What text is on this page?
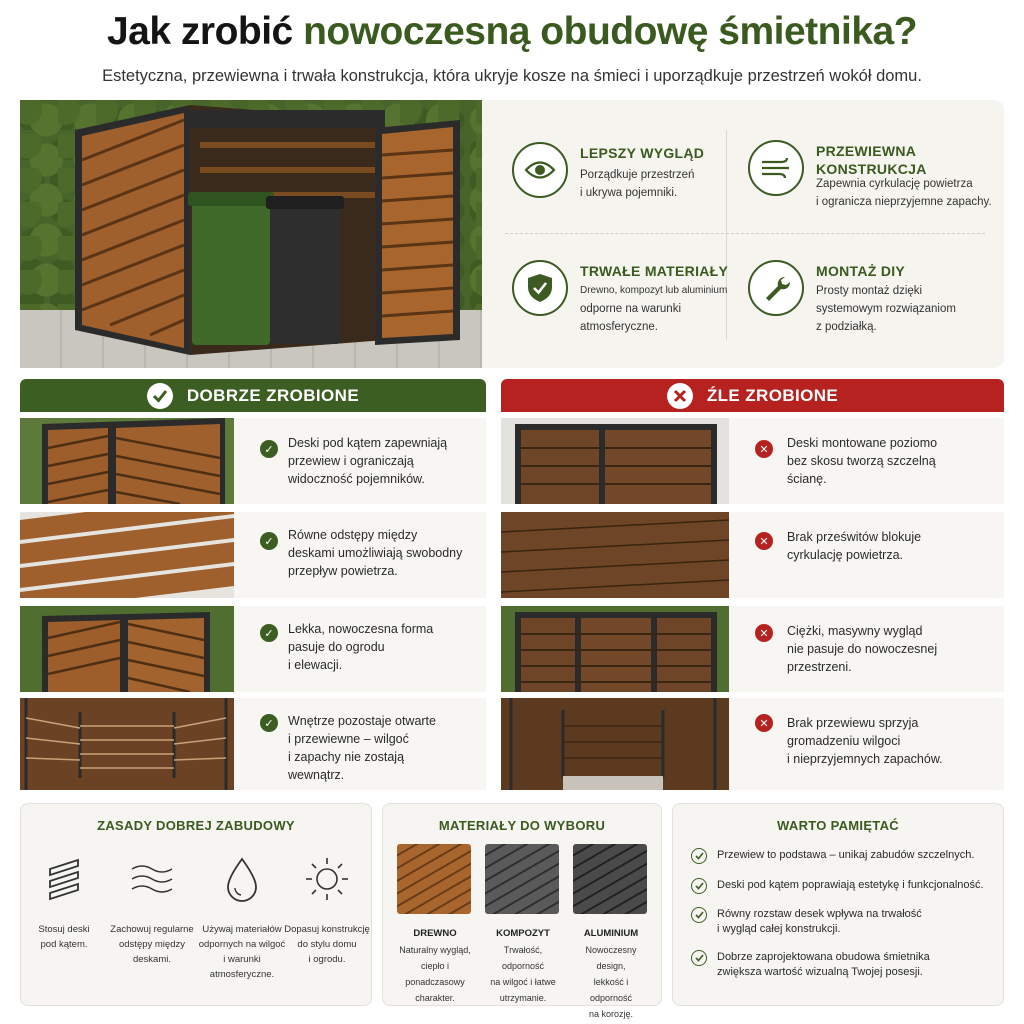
Jak zrobić nowoczesną obudowę śmietnika?
Estetyczna, przewiewna i trwała konstrukcja, która ukryje kosze na śmieci i uporządkuje przestrzeń wokół domu.
LEPSZY WYGLĄD

Porządkuje przestrzeń

i ukrywa pojemniki.

PRZEWIEWNA
KONSTRUKCJA

Zapewnia cyrkulację powietrza

i ogranicza nieprzyjemne zapachy.

TRWAŁE MATERIAŁY

Drewno, kompozyt lub aluminium

odporne na warunki

atmosferyczne.

MONTAŻ DIY

Prosty montaż dzięki

systemowym rozwiązaniom

z podziałką.

DOBRZE ZROBIONE	ŹLE ZROBIONE
✓	Deski pod kątem zapewniają
przewiew i ograniczają
widoczność pojemników.
✓	Równe odstępy między
deskami umożliwiają swobodny
przepływ powietrza.
✓	Lekka, nowoczesna forma
pasuje do ogrodu
i elewacji.
✓	Wnętrze pozostaje otwarte
i przewiewne – wilgoć
i zapachy nie zostają
wewnątrz.
✕	Deski montowane poziomo
bez skosu tworzą szczelną
ścianę.
✕	Brak prześwitów blokuje
cyrkulację powietrza.
✕	Ciężki, masywny wygląd
nie pasuje do nowoczesnej
przestrzeni.
✕	Brak przewiewu sprzyja
gromadzeniu wilgoci
i nieprzyjemnych zapachów.
ZASADY DOBREJ ZABUDOWY
Stosuj deski
pod kątem.
Zachowuj regularne
odstępy między
deskami.
Używaj materiałów
odpornych na wilgoć
i warunki
atmosferyczne.
Dopasuj konstrukcję
do stylu domu
i ogrodu.
MATERIAŁY DO WYBORU
DREWNO
Naturalny wygląd,
ciepło i ponadczasowy
charakter.
KOMPOZYT
Trwałość, odporność
na wilgoć i łatwe
utrzymanie.
ALUMINIUM
Nowoczesny design,
lekkość i odporność
na korozję.
WARTO PAMIĘTAĆ
Przewiew to podstawa – unikaj zabudów szczelnych.
Deski pod kątem poprawiają estetykę i funkcjonalność.
Równy rozstaw desek wpływa na trwałość
i wygląd całej konstrukcji.
Dobrze zaprojektowana obudowa śmietnika
zwiększa wartość wizualną Twojej posesji.
